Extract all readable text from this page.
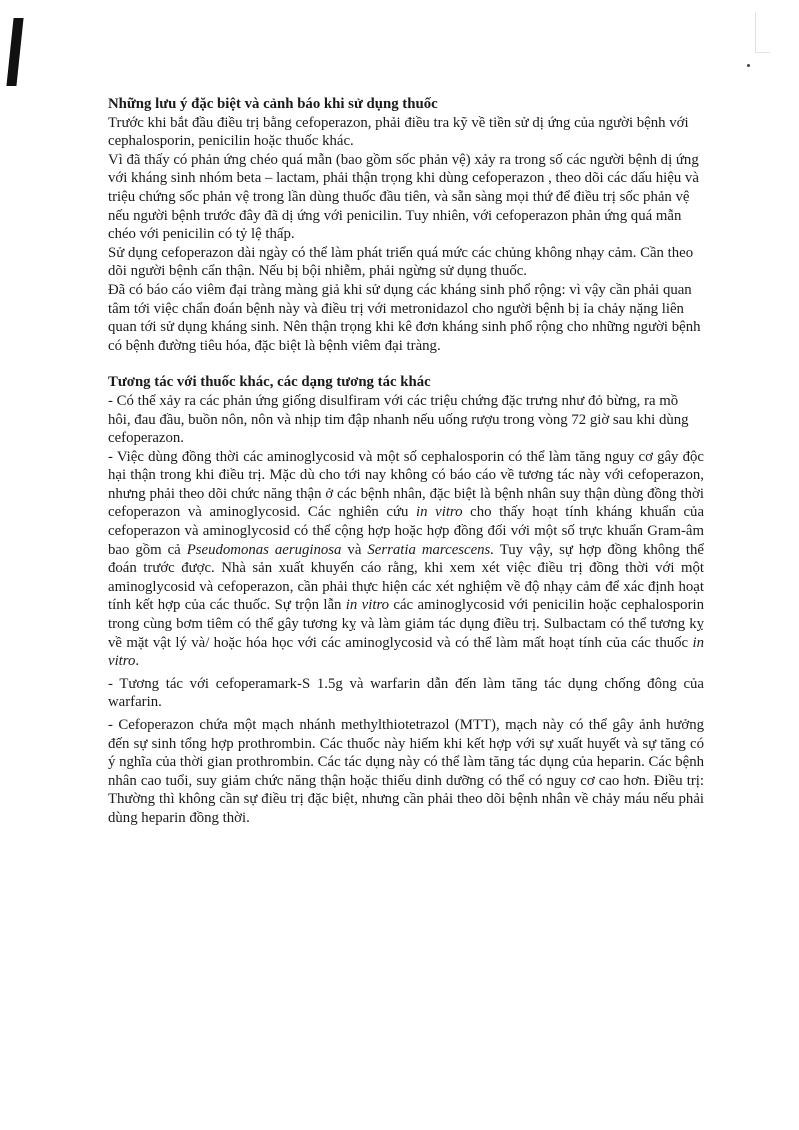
Những lưu ý đặc biệt và cảnh báo khi sử dụng thuốc

Trước khi bắt đầu điều trị bằng cefoperazon, phải điều tra kỹ về tiền sử dị ứng của người bệnh với cephalosporin, penicilin hoặc thuốc khác.

Vì đã thấy có phản ứng chéo quá mẫn (bao gồm sốc phản vệ) xảy ra trong số các người bệnh dị ứng với kháng sinh nhóm beta – lactam, phải thận trọng khi dùng cefoperazon , theo dõi các dấu hiệu và triệu chứng sốc phản vệ trong lần dùng thuốc đầu tiên, và sẵn sàng mọi thứ để điều trị sốc phản vệ nếu người bệnh trước đây đã dị ứng với penicilin. Tuy nhiên, với cefoperazon phản ứng quá mẫn chéo với penicilin có tỷ lệ thấp.

Sử dụng cefoperazon dài ngày có thể làm phát triển quá mức các chủng không nhạy cảm. Cần theo dõi người bệnh cẩn thận. Nếu bị bội nhiễm, phải ngừng sử dụng thuốc.

Đã có báo cáo viêm đại tràng màng giả khi sử dụng các kháng sinh phổ rộng: vì vậy cần phải quan tâm tới việc chẩn đoán bệnh này và điều trị với metronidazol cho người bệnh bị ỉa chảy nặng liên quan tới sử dụng kháng sinh. Nên thận trọng khi kê đơn kháng sinh phổ rộng cho những người bệnh có bệnh đường tiêu hóa, đặc biệt là bệnh viêm đại tràng.

Tương tác với thuốc khác, các dạng tương tác khác

- Có thể xảy ra các phản ứng giống disulfiram với các triệu chứng đặc trưng như đỏ bừng, ra mồ hôi, đau đầu, buồn nôn, nôn và nhịp tim đập nhanh nếu uống rượu trong vòng 72 giờ sau khi dùng cefoperazon.

- Việc dùng đồng thời các aminoglycosid và một số cephalosporin có thể làm tăng nguy cơ gây độc hại thận trong khi điều trị. Mặc dù cho tới nay không có báo cáo về tương tác này với cefoperazon, nhưng phải theo dõi chức năng thận ở các bệnh nhân, đặc biệt là bệnh nhân suy thận dùng đồng thời cefoperazon và aminoglycosid. Các nghiên cứu in vitro cho thấy hoạt tính kháng khuẩn của cefoperazon và aminoglycosid có thể cộng hợp hoặc hợp đồng đối với một số trực khuẩn Gram-âm bao gồm cả Pseudomonas aeruginosa và Serratia marcescens. Tuy vậy, sự hợp đồng không thể đoán trước được. Nhà sản xuất khuyến cáo rằng, khi xem xét việc điều trị đồng thời với một aminoglycosid và cefoperazon, cần phải thực hiện các xét nghiệm về độ nhạy cảm để xác định hoạt tính kết hợp của các thuốc. Sự trộn lẫn in vitro các aminoglycosid với penicilin hoặc cephalosporin trong cùng bơm tiêm có thể gây tương kỵ và làm giảm tác dụng điều trị. Sulbactam có thể tương kỵ về mặt vật lý và/ hoặc hóa học với các aminoglycosid và có thể làm mất hoạt tính của các thuốc in vitro.

- Tương tác với cefoperamark-S 1.5g và warfarin dẫn đến làm tăng tác dụng chống đông của warfarin.

- Cefoperazon chứa một mạch nhánh methylthiotetrazol (MTT), mạch này có thể gây ảnh hưởng đến sự sinh tổng hợp prothrombin. Các thuốc này hiếm khi kết hợp với sự xuất huyết và sự tăng có ý nghĩa của thời gian prothrombin. Các tác dụng này có thể làm tăng tác dụng của heparin. Các bệnh nhân cao tuổi, suy giảm chức năng thận hoặc thiếu dinh dưỡng có thể có nguy cơ cao hơn. Điều trị: Thường thì không cần sự điều trị đặc biệt, nhưng cần phải theo dõi bệnh nhân về chảy máu nếu phải dùng heparin đồng thời.
